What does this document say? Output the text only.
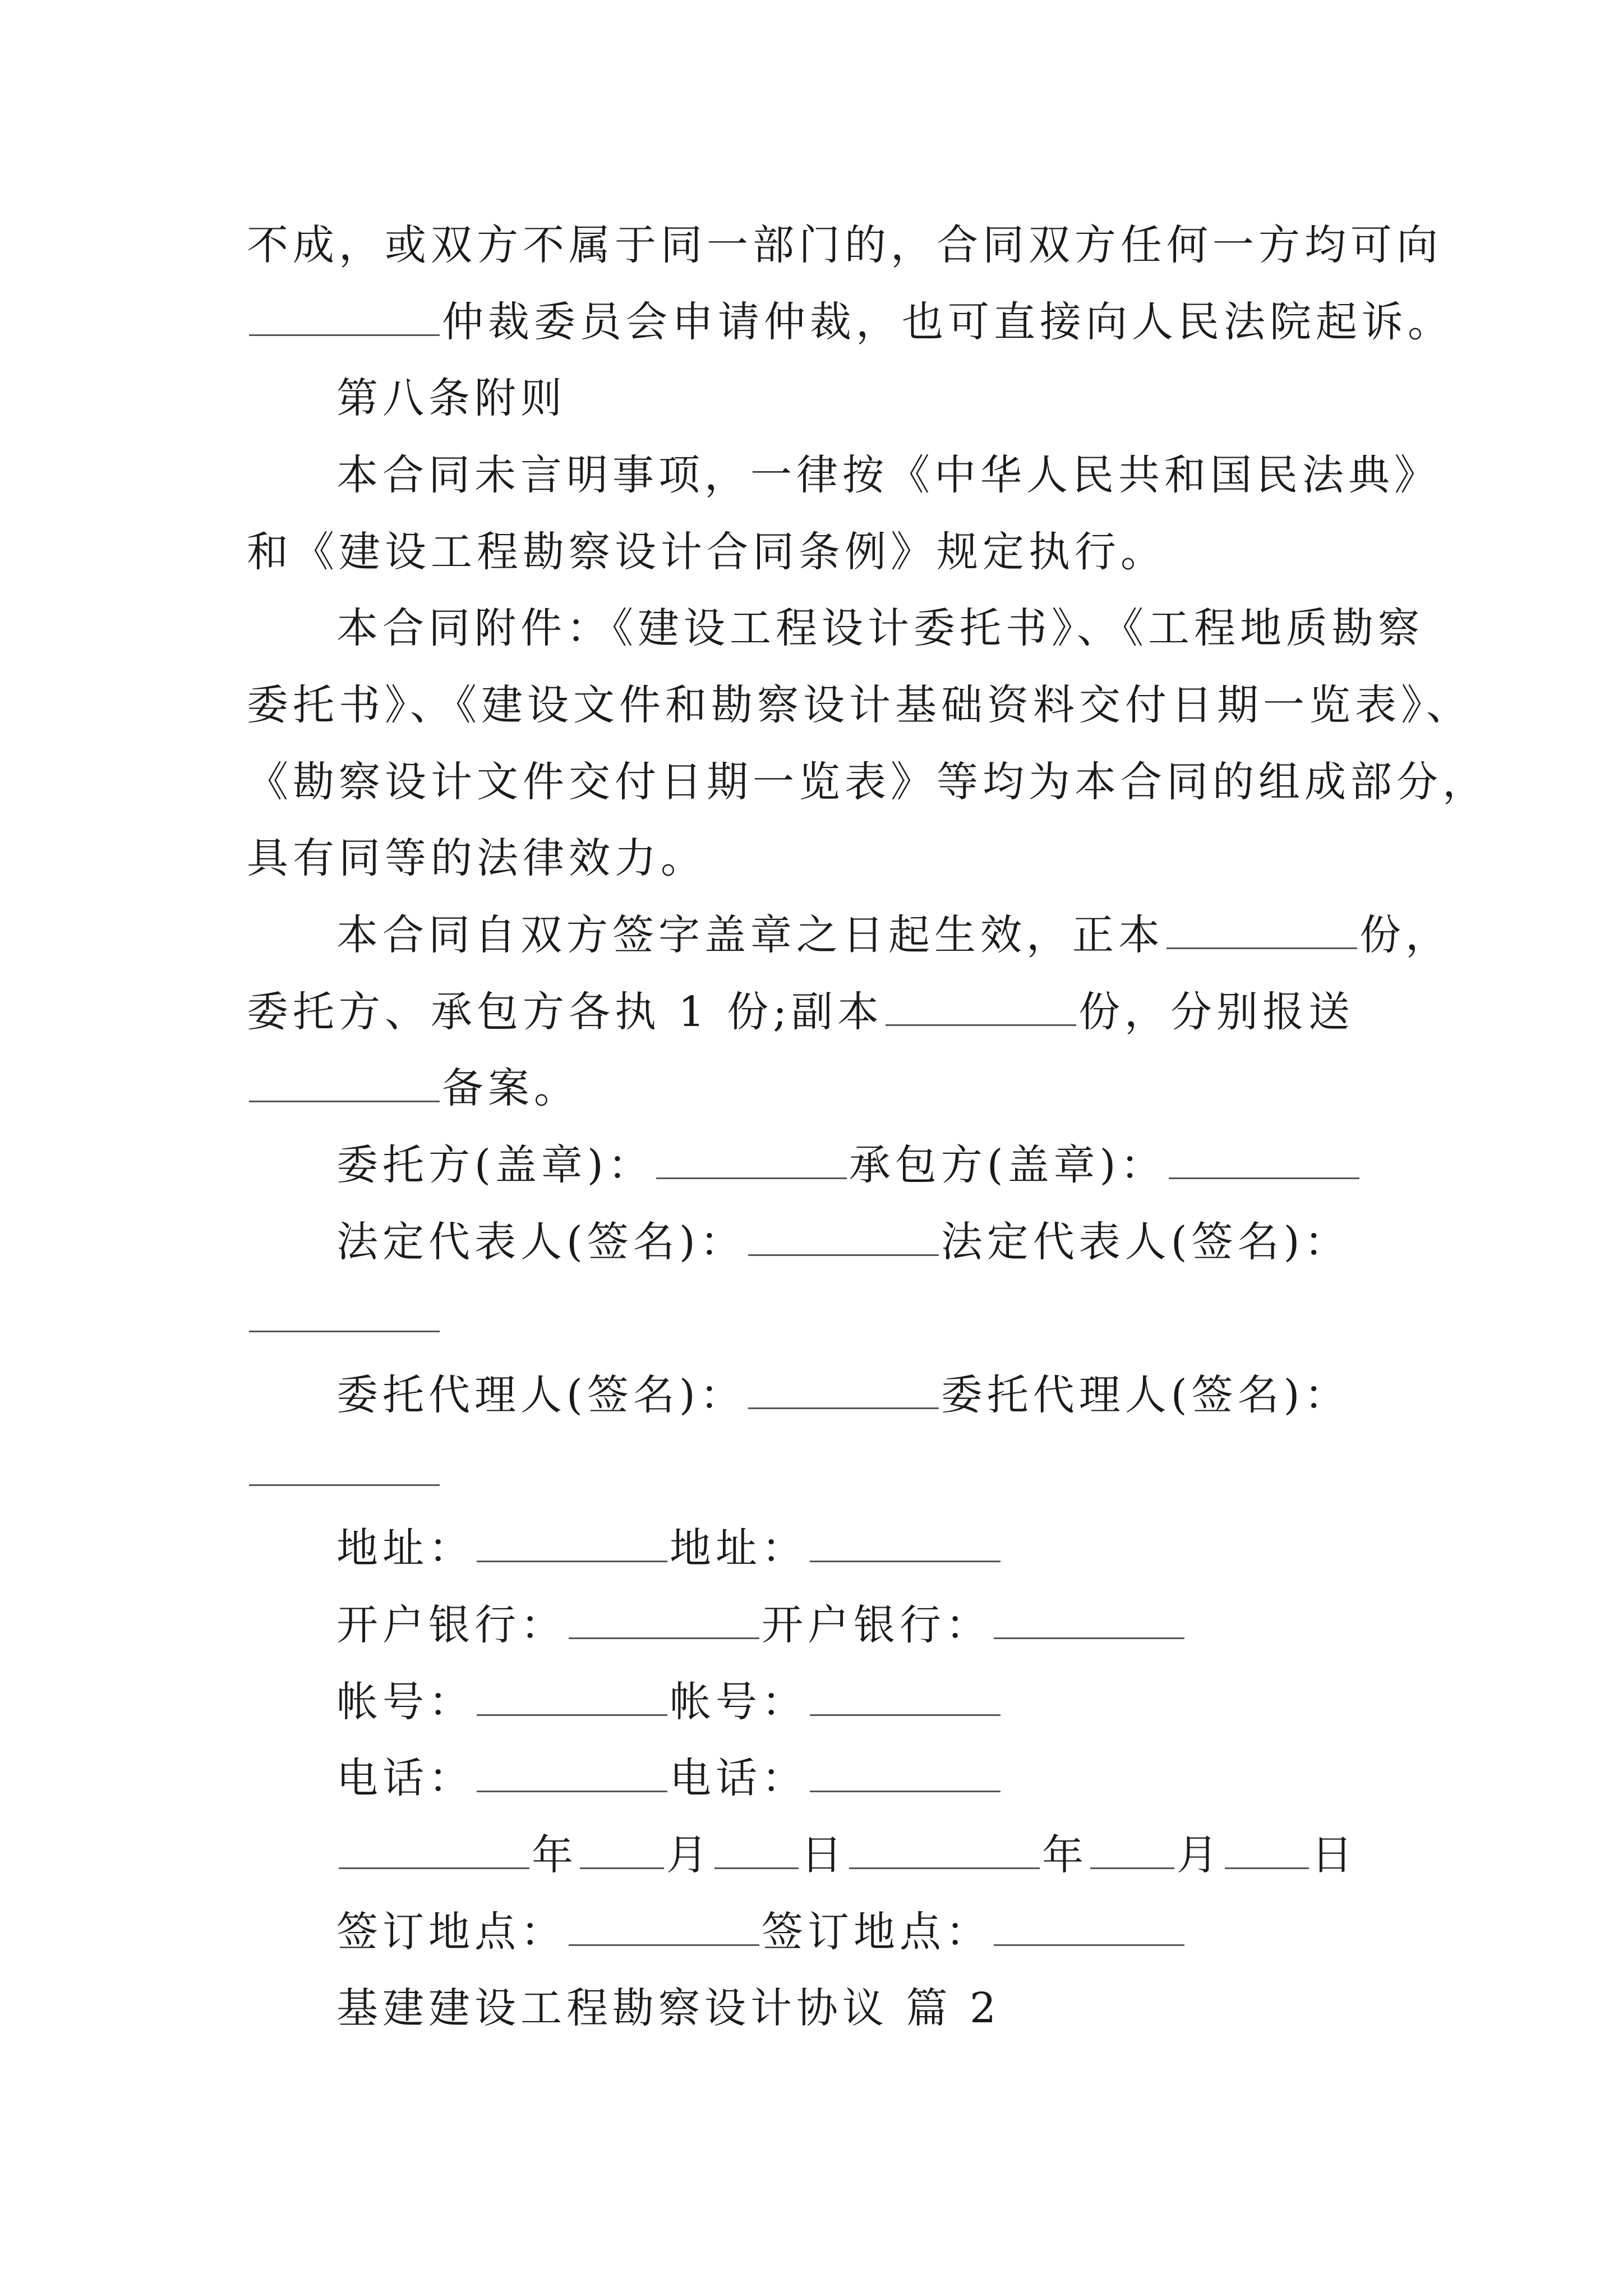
不成，或双方不属于同一部门的，合同双方任何一方均可向
仲裁委员会申请仲裁，也可直接向人民法院起诉。
第八条附则
本合同未言明事项，一律按《中华人民共和国民法典》
和《建设工程勘察设计合同条例》规定执行。
本合同附件：《建设工程设计委托书》、《工程地质勘察
委托书》、《建设文件和勘察设计基础资料交付日期一览表》、
《勘察设计文件交付日期一览表》等均为本合同的组成部分，
具有同等的法律效力。
本合同自双方签字盖章之日起生效，正本	份，
委托方、承包方各执 1 份;副本	份，分别报送
备案。
委托方(盖章)：	承包方(盖章)：
法定代表人(签名)：	法定代表人(签名)：
委托代理人(签名)：	委托代理人(签名)：
地址：	地址：
开户银行：	开户银行：
帐号：	帐号：
电话：	电话：
年 月 日	年 月 日
签订地点：	签订地点：
基建建设工程勘察设计协议 篇 2
